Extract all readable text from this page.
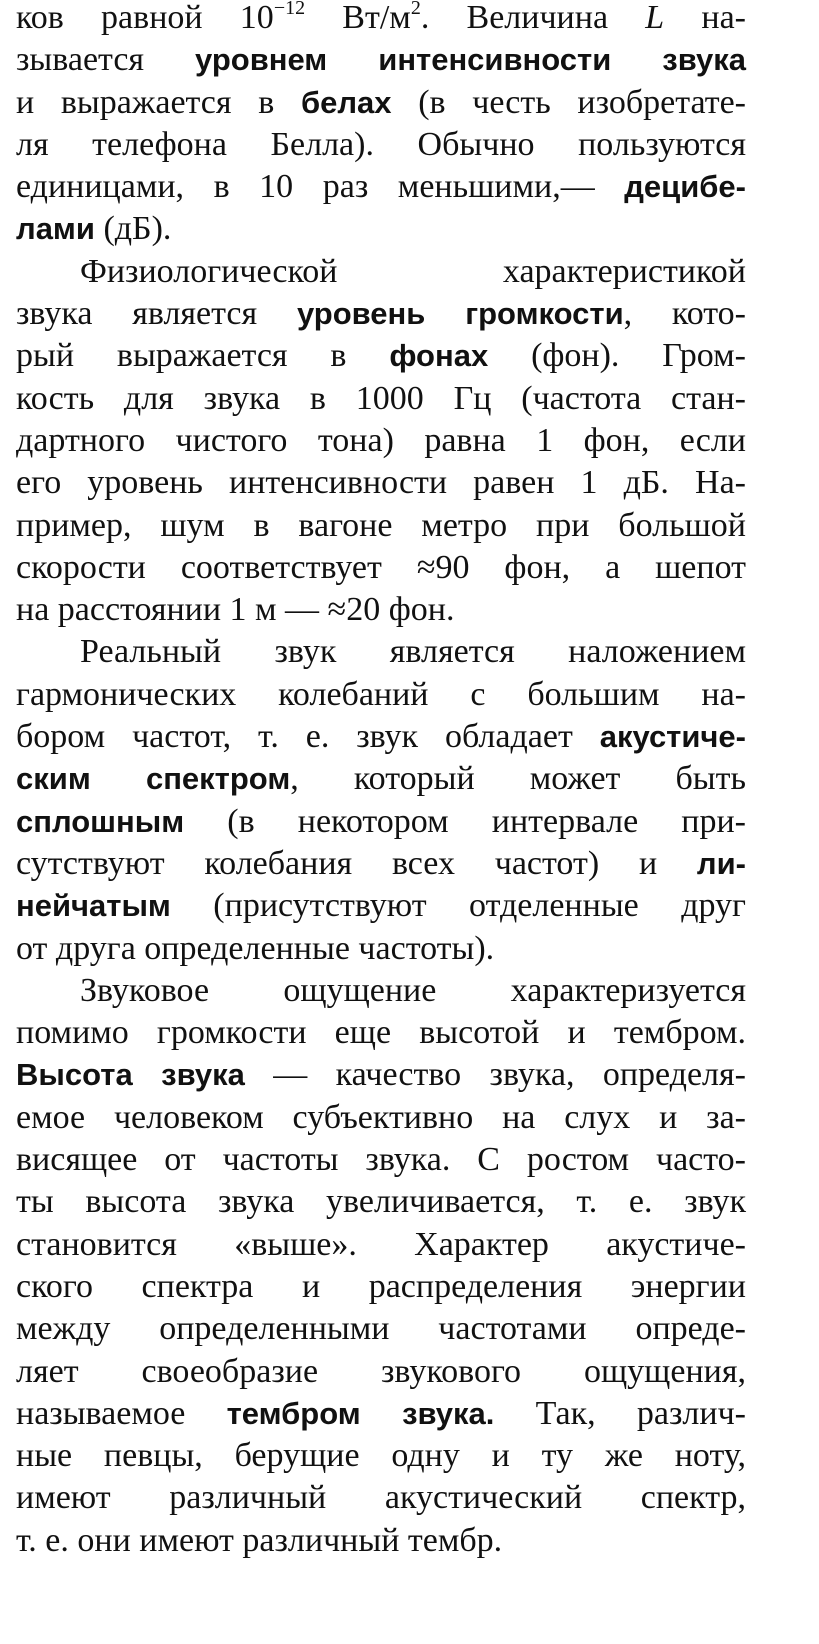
ков равной $10^{-12}$ $Вт/м^2$. Величина L на-
зывается уровнем интенсивности звука
и выражается в белах (в честь изобретате-
ля телефона Белла). Обычно пользуются
единицами, в 10 раз меньшими,— децибе-
лами (дБ).
Физиологической характеристикой
звука является уровень громкости, кото-
рый выражается в фонах (фон). Гром-
кость для звука в 1000 Гц (частота стан-
дартного чистого тона) равна 1 фон, если
его уровень интенсивности равен 1 дБ. На-
пример, шум в вагоне метро при большой
скорости соответствует ≈90 фон, а шепот
на расстоянии 1 м — ≈20 фон.
Реальный звук является наложением
гармонических колебаний с большим на-
бором частот, т. е. звук обладает акустиче-
ским спектром, который может быть
сплошным (в некотором интервале при-
сутствуют колебания всех частот) и ли-
нейчатым (присутствуют отделенные друг
от друга определенные частоты).
Звуковое ощущение характеризуется
помимо громкости еще высотой и тембром.
Высота звука — качество звука, определя-
емое человеком субъективно на слух и за-
висящее от частоты звука. С ростом часто-
ты высота звука увеличивается, т. е. звук
становится «выше». Характер акустиче-
ского спектра и распределения энергии
между определенными частотами опреде-
ляет своеобразие звукового ощущения,
называемое тембром звука. Так, различ-
ные певцы, берущие одну и ту же ноту,
имеют различный акустический спектр,
т. е. они имеют различный тембр.
